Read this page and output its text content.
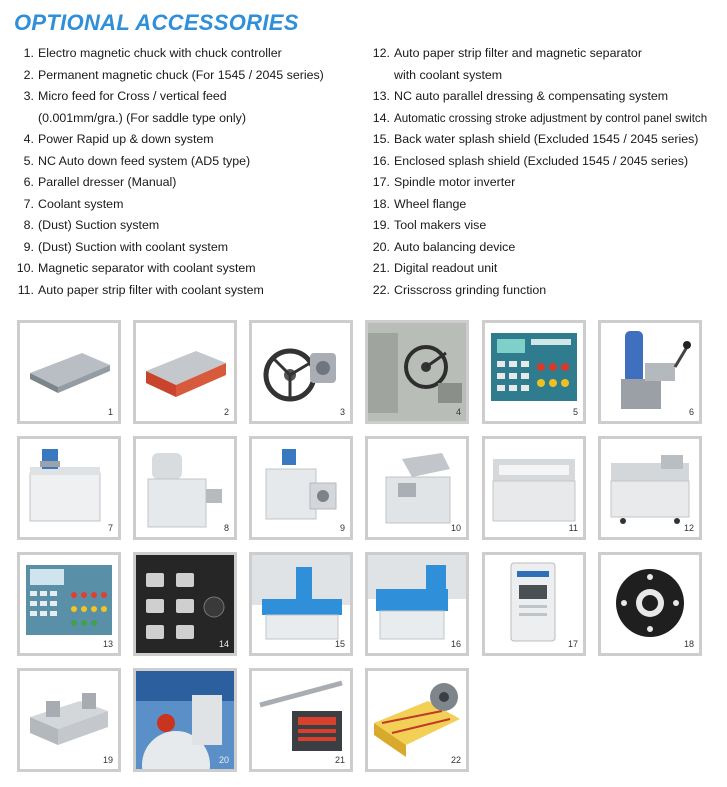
OPTIONAL ACCESSORIES
1. Electro magnetic chuck with chuck controller
2. Permanent magnetic chuck (For 1545 / 2045 series)
3. Micro feed for Cross / vertical feed
(0.001mm/gra.) (For saddle type only)
4. Power Rapid up & down system
5. NC Auto down feed system (AD5 type)
6. Parallel dresser (Manual)
7. Coolant system
8. (Dust) Suction system
9. (Dust) Suction with coolant system
10. Magnetic separator with coolant system
11. Auto paper strip filter with coolant system
12. Auto paper strip filter and magnetic separator
with coolant system
13. NC auto parallel dressing & compensating system
14. Automatic crossing stroke adjustment by control panel switch
15. Back water splash shield (Excluded 1545 / 2045 series)
16. Enclosed splash shield (Excluded 1545 / 2045 series)
17. Spindle motor inverter
18. Wheel flange
19. Tool makers vise
20. Auto balancing device
21. Digital readout unit
22. Crisscross grinding function
1	2	3	4	5	6
7	8	9	10	11	12
13	14	15	16	17	18
19	20	21	22
